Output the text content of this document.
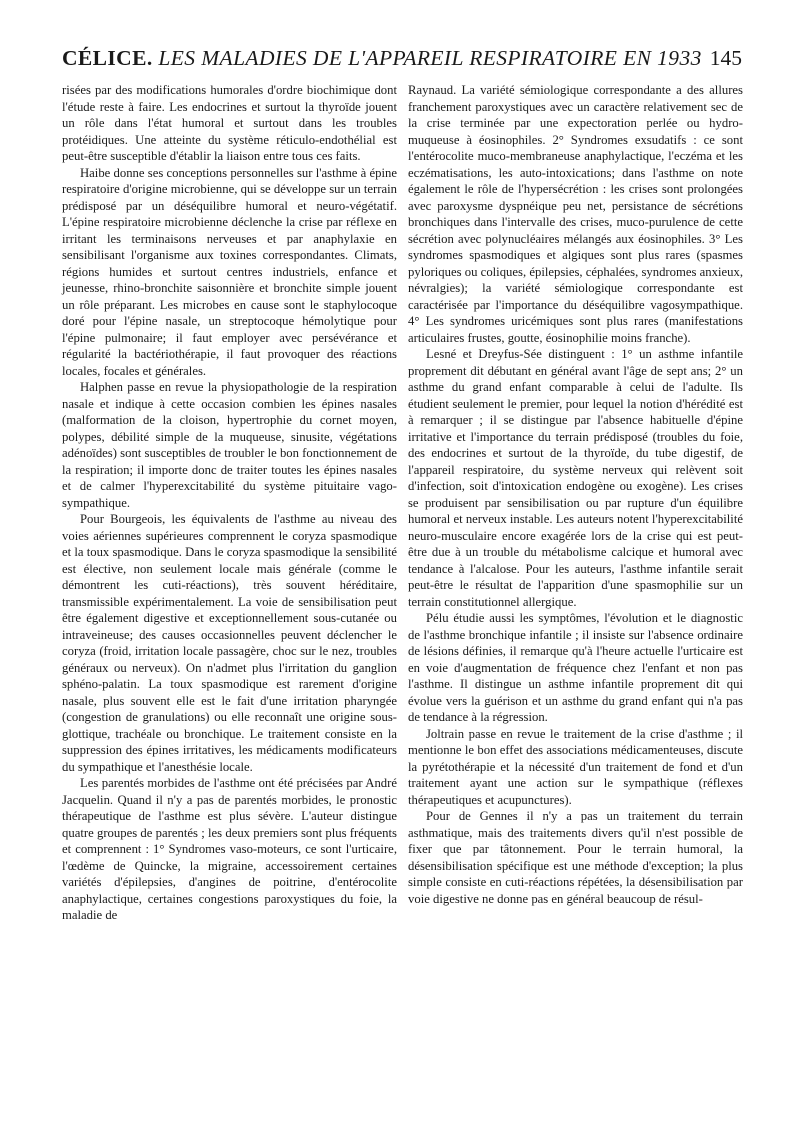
CÉLICE. LES MALADIES DE L'APPAREIL RESPIRATOIRE EN 1933 145

risées par des modifications humorales d'ordre biochimique dont l'étude reste à faire. Les endocrines et surtout la thyroïde jouent un rôle dans l'état humoral et surtout dans les troubles protéidiques. Une atteinte du système réticulo-endothélial est peut-être susceptible d'établir la liaison entre tous ces faits.

Haibe donne ses conceptions personnelles sur l'asthme à épine respiratoire d'origine microbienne, qui se développe sur un terrain prédisposé par un déséquilibre humoral et neuro-végétatif. L'épine respiratoire microbienne déclenche la crise par réflexe en irritant les terminaisons nerveuses et par anaphylaxie en sensibilisant l'organisme aux toxines correspondantes. Climats, régions humides et surtout centres industriels, enfance et jeunesse, rhino-bronchite saisonnière et bronchite simple jouent un rôle préparant. Les microbes en cause sont le staphylocoque doré pour l'épine nasale, un streptocoque hémolytique pour l'épine pulmonaire; il faut employer avec persévérance et régularité la bactériothérapie, il faut provoquer des réactions locales, focales et générales.

Halphen passe en revue la physiopathologie de la respiration nasale et indique à cette occasion combien les épines nasales (malformation de la cloison, hypertrophie du cornet moyen, polypes, débilité simple de la muqueuse, sinusite, végétations adénoïdes) sont susceptibles de troubler le bon fonctionnement de la respiration; il importe donc de traiter toutes les épines nasales et de calmer l'hyperexcitabilité du système pituitaire vago-sympathique.

Pour Bourgeois, les équivalents de l'asthme au niveau des voies aériennes supérieures comprennent le coryza spasmodique et la toux spasmodique. Dans le coryza spasmodique la sensibilité est élective, non seulement locale mais générale (comme le démontrent les cuti-réactions), très souvent héréditaire, transmissible expérimentalement. La voie de sensibilisation peut être également digestive et exceptionnellement sous-cutanée ou intraveineuse; des causes occasionnelles peuvent déclencher le coryza (froid, irritation locale passagère, choc sur le nez, troubles généraux ou nerveux). On n'admet plus l'irritation du ganglion sphéno-palatin. La toux spasmodique est rarement d'origine nasale, plus souvent elle est le fait d'une irritation pharyngée (congestion de granulations) ou elle reconnaît une origine sous-glottique, trachéale ou bronchique. Le traitement consiste en la suppression des épines irritatives, les médicaments modificateurs du sympathique et l'anesthésie locale.

Les parentés morbides de l'asthme ont été précisées par André Jacquelin. Quand il n'y a pas de parentés morbides, le pronostic thérapeutique de l'asthme est plus sévère. L'auteur distingue quatre groupes de parentés ; les deux premiers sont plus fréquents et comprennent : 1° Syndromes vaso-moteurs, ce sont l'urticaire, l'œdème de Quincke, la migraine, accessoirement certaines variétés d'épilepsies, d'angines de poitrine, d'entérocolite anaphylactique, certaines congestions paroxystiques du foie, la maladie de

Raynaud. La variété sémiologique correspondante a des allures franchement paroxystiques avec un caractère relativement sec de la crise terminée par une expectoration perlée ou hydro-muqueuse à éosinophiles. 2° Syndromes exsudatifs : ce sont l'entérocolite muco-membraneuse anaphylactique, l'eczéma et les eczématisations, les auto-intoxications; dans l'asthme on note également le rôle de l'hypersécrétion : les crises sont prolongées avec paroxysme dyspnéique peu net, persistance de sécrétions bronchiques dans l'intervalle des crises, muco-purulence de cette sécrétion avec polynucléaires mélangés aux éosinophiles. 3° Les syndromes spasmodiques et algiques sont plus rares (spasmes pyloriques ou coliques, épilepsies, céphalées, syndromes anxieux, névralgies); la variété sémiologique correspondante est caractérisée par l'importance du déséquilibre vagosympathique. 4° Les syndromes uricémiques sont plus rares (manifestations articulaires frustes, goutte, éosinophilie moins franche).

Lesné et Dreyfus-Sée distinguent : 1° un asthme infantile proprement dit débutant en général avant l'âge de sept ans; 2° un asthme du grand enfant comparable à celui de l'adulte. Ils étudient seulement le premier, pour lequel la notion d'hérédité est à remarquer ; il se distingue par l'absence habituelle d'épine irritative et l'importance du terrain prédisposé (troubles du foie, des endocrines et surtout de la thyroïde, du tube digestif, de l'appareil respiratoire, du système nerveux qui relèvent soit d'infection, soit d'intoxication endogène ou exogène). Les crises se produisent par sensibilisation ou par rupture d'un équilibre humoral et nerveux instable. Les auteurs notent l'hyperexcitabilité neuro-musculaire encore exagérée lors de la crise qui est peut-être due à un trouble du métabolisme calcique et humoral avec tendance à l'alcalose. Pour les auteurs, l'asthme infantile serait peut-être le résultat de l'apparition d'une spasmophilie sur un terrain constitutionnel allergique.

Pélu étudie aussi les symptômes, l'évolution et le diagnostic de l'asthme bronchique infantile ; il insiste sur l'absence ordinaire de lésions définies, il remarque qu'à l'heure actuelle l'urticaire est en voie d'augmentation de fréquence chez l'enfant et non pas l'asthme. Il distingue un asthme infantile proprement dit qui évolue vers la guérison et un asthme du grand enfant qui n'a pas de tendance à la régression.

Joltrain passe en revue le traitement de la crise d'asthme ; il mentionne le bon effet des associations médicamenteuses, discute la pyrétothérapie et la nécessité d'un traitement de fond et d'un traitement ayant une action sur le sympathique (réflexes thérapeutiques et acupunctures).

Pour de Gennes il n'y a pas un traitement du terrain asthmatique, mais des traitements divers qu'il n'est possible de fixer que par tâtonnement. Pour le terrain humoral, la désensibilisation spécifique est une méthode d'exception; la plus simple consiste en cuti-réactions répétées, la désensibilisation par voie digestive ne donne pas en général beaucoup de résul-
